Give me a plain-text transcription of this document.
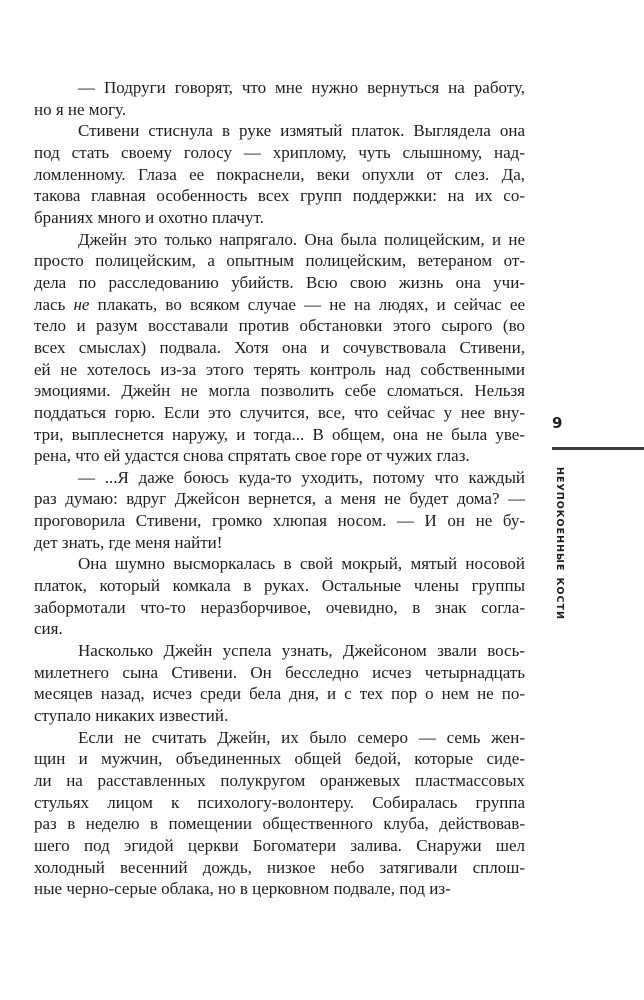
— Подруги говорят, что мне нужно вернуться на работу,
но я не могу.
Стивени стиснула в руке измятый платок. Выглядела она
под стать своему голосу — хриплому, чуть слышному, над-
ломленному. Глаза ее покраснели, веки опухли от слез. Да,
такова главная особенность всех групп поддержки: на их со-
браниях много и охотно плачут.
Джейн это только напрягало. Она была полицейским, и не
просто полицейским, а опытным полицейским, ветераном от-
дела по расследованию убийств. Всю свою жизнь она учи-
лась не плакать, во всяком случае — не на людях, и сейчас ее
тело и разум восставали против обстановки этого сырого (во
всех смыслах) подвала. Хотя она и сочувствовала Стивени,
ей не хотелось из-за этого терять контроль над собственными
эмоциями. Джейн не могла позволить себе сломаться. Нельзя
поддаться горю. Если это случится, все, что сейчас у нее вну-
три, выплеснется наружу, и тогда... В общем, она не была уве-
рена, что ей удастся снова спрятать свое горе от чужих глаз.
— ...Я даже боюсь куда-то уходить, потому что каждый
раз думаю: вдруг Джейсон вернется, а меня не будет дома? —
проговорила Стивени, громко хлюпая носом. — И он не бу-
дет знать, где меня найти!
Она шумно высморкалась в свой мокрый, мятый носовой
платок, который комкала в руках. Остальные члены группы
забормотали что-то неразборчивое, очевидно, в знак согла-
сия.
Насколько Джейн успела узнать, Джейсоном звали вось-
милетнего сына Стивени. Он бесследно исчез четырнадцать
месяцев назад, исчез среди бела дня, и с тех пор о нем не по-
ступало никаких известий.
Если не считать Джейн, их было семеро — семь жен-
щин и мужчин, объединенных общей бедой, которые сиде-
ли на расставленных полукругом оранжевых пластмассовых
стульях лицом к психологу-волонтеру. Собиралась группа
раз в неделю в помещении общественного клуба, действовав-
шего под эгидой церкви Богоматери залива. Снаружи шел
холодный весенний дождь, низкое небо затягивали сплош-
ные черно-серые облака, но в церковном подвале, под из-
9
НЕУПОКОЕННЫЕ КОСТИ
